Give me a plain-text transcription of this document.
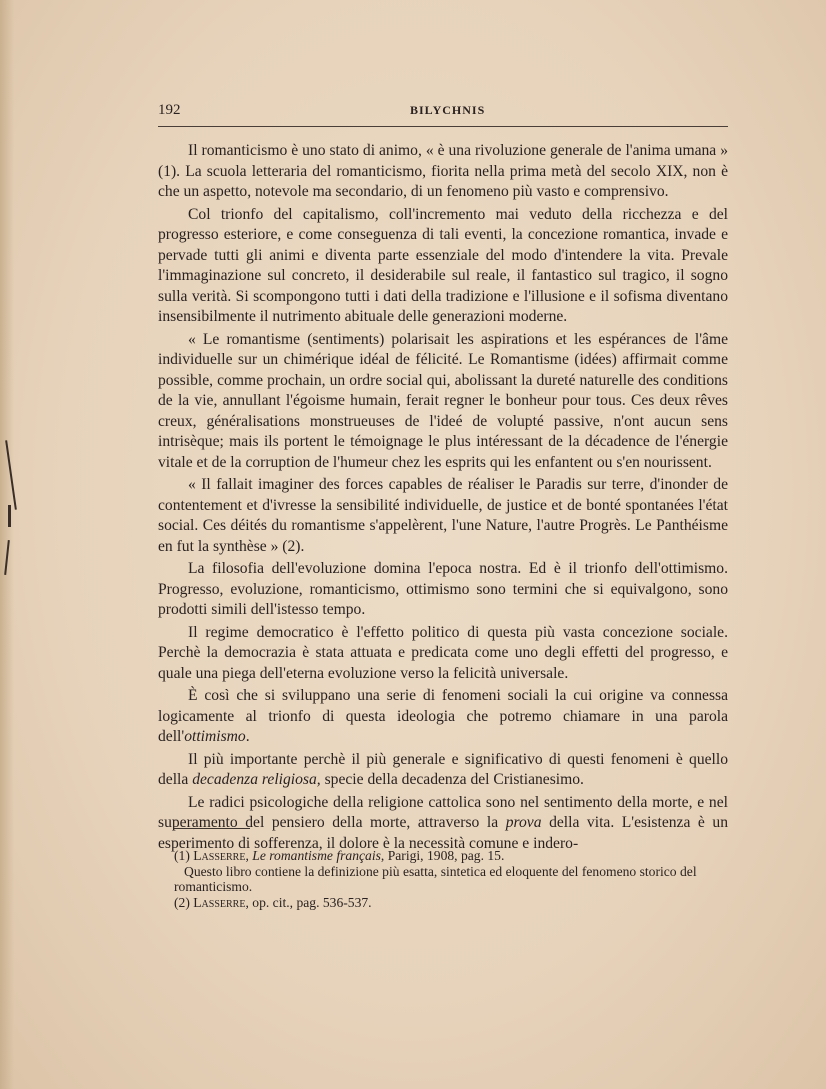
192	BILYCHNIS

Il romanticismo è uno stato di animo, « è una rivoluzione generale de l'anima umana » (1). La scuola letteraria del romanticismo, fiorita nella prima metà del secolo XIX, non è che un aspetto, notevole ma secondario, di un fenomeno più vasto e comprensivo.

Col trionfo del capitalismo, coll'incremento mai veduto della ricchezza e del progresso esteriore, e come conseguenza di tali eventi, la concezione romantica, invade e pervade tutti gli animi e diventa parte essenziale del modo d'intendere la vita. Prevale l'immaginazione sul concreto, il desiderabile sul reale, il fantastico sul tragico, il sogno sulla verità. Si scompongono tutti i dati della tradizione e l'illusione e il sofisma diventano insensibilmente il nutrimento abituale delle generazioni moderne.

« Le romantisme (sentiments) polarisait les aspirations et les espérances de l'âme individuelle sur un chimérique idéal de félicité. Le Romantisme (idées) affirmait comme possible, comme prochain, un ordre social qui, abolissant la dureté naturelle des conditions de la vie, annullant l'égoisme humain, ferait regner le bonheur pour tous. Ces deux rêves creux, généralisations monstrueuses de l'ideé de volupté passive, n'ont aucun sens intrisèque; mais ils portent le témoignage le plus intéressant de la décadence de l'énergie vitale et de la corruption de l'humeur chez les esprits qui les enfantent ou s'en nourissent.

« Il fallait imaginer des forces capables de réaliser le Paradis sur terre, d'inonder de contentement et d'ivresse la sensibilité individuelle, de justice et de bonté spontanées l'état social. Ces déités du romantisme s'appelèrent, l'une Nature, l'autre Progrès. Le Panthéisme en fut la synthèse » (2).

La filosofia dell'evoluzione domina l'epoca nostra. Ed è il trionfo dell'ottimismo. Progresso, evoluzione, romanticismo, ottimismo sono termini che si equivalgono, sono prodotti simili dell'istesso tempo.

Il regime democratico è l'effetto politico di questa più vasta concezione sociale. Perchè la democrazia è stata attuata e predicata come uno degli effetti del progresso, e quale una piega dell'eterna evoluzione verso la felicità universale.

È così che si sviluppano una serie di fenomeni sociali la cui origine va connessa logicamente al trionfo di questa ideologia che potremo chiamare in una parola dell'ottimismo.

Il più importante perchè il più generale e significativo di questi fenomeni è quello della decadenza religiosa, specie della decadenza del Cristianesimo.

Le radici psicologiche della religione cattolica sono nel sentimento della morte, e nel superamento del pensiero della morte, attraverso la prova della vita. L'esistenza è un esperimento di sofferenza, il dolore è la necessità comune e indero-

(1) Lasserre, Le romantisme français, Parigi, 1908, pag. 15.

Questo libro contiene la definizione più esatta, sintetica ed eloquente del fenomeno storico del romanticismo.

(2) Lasserre, op. cit., pag. 536-537.
